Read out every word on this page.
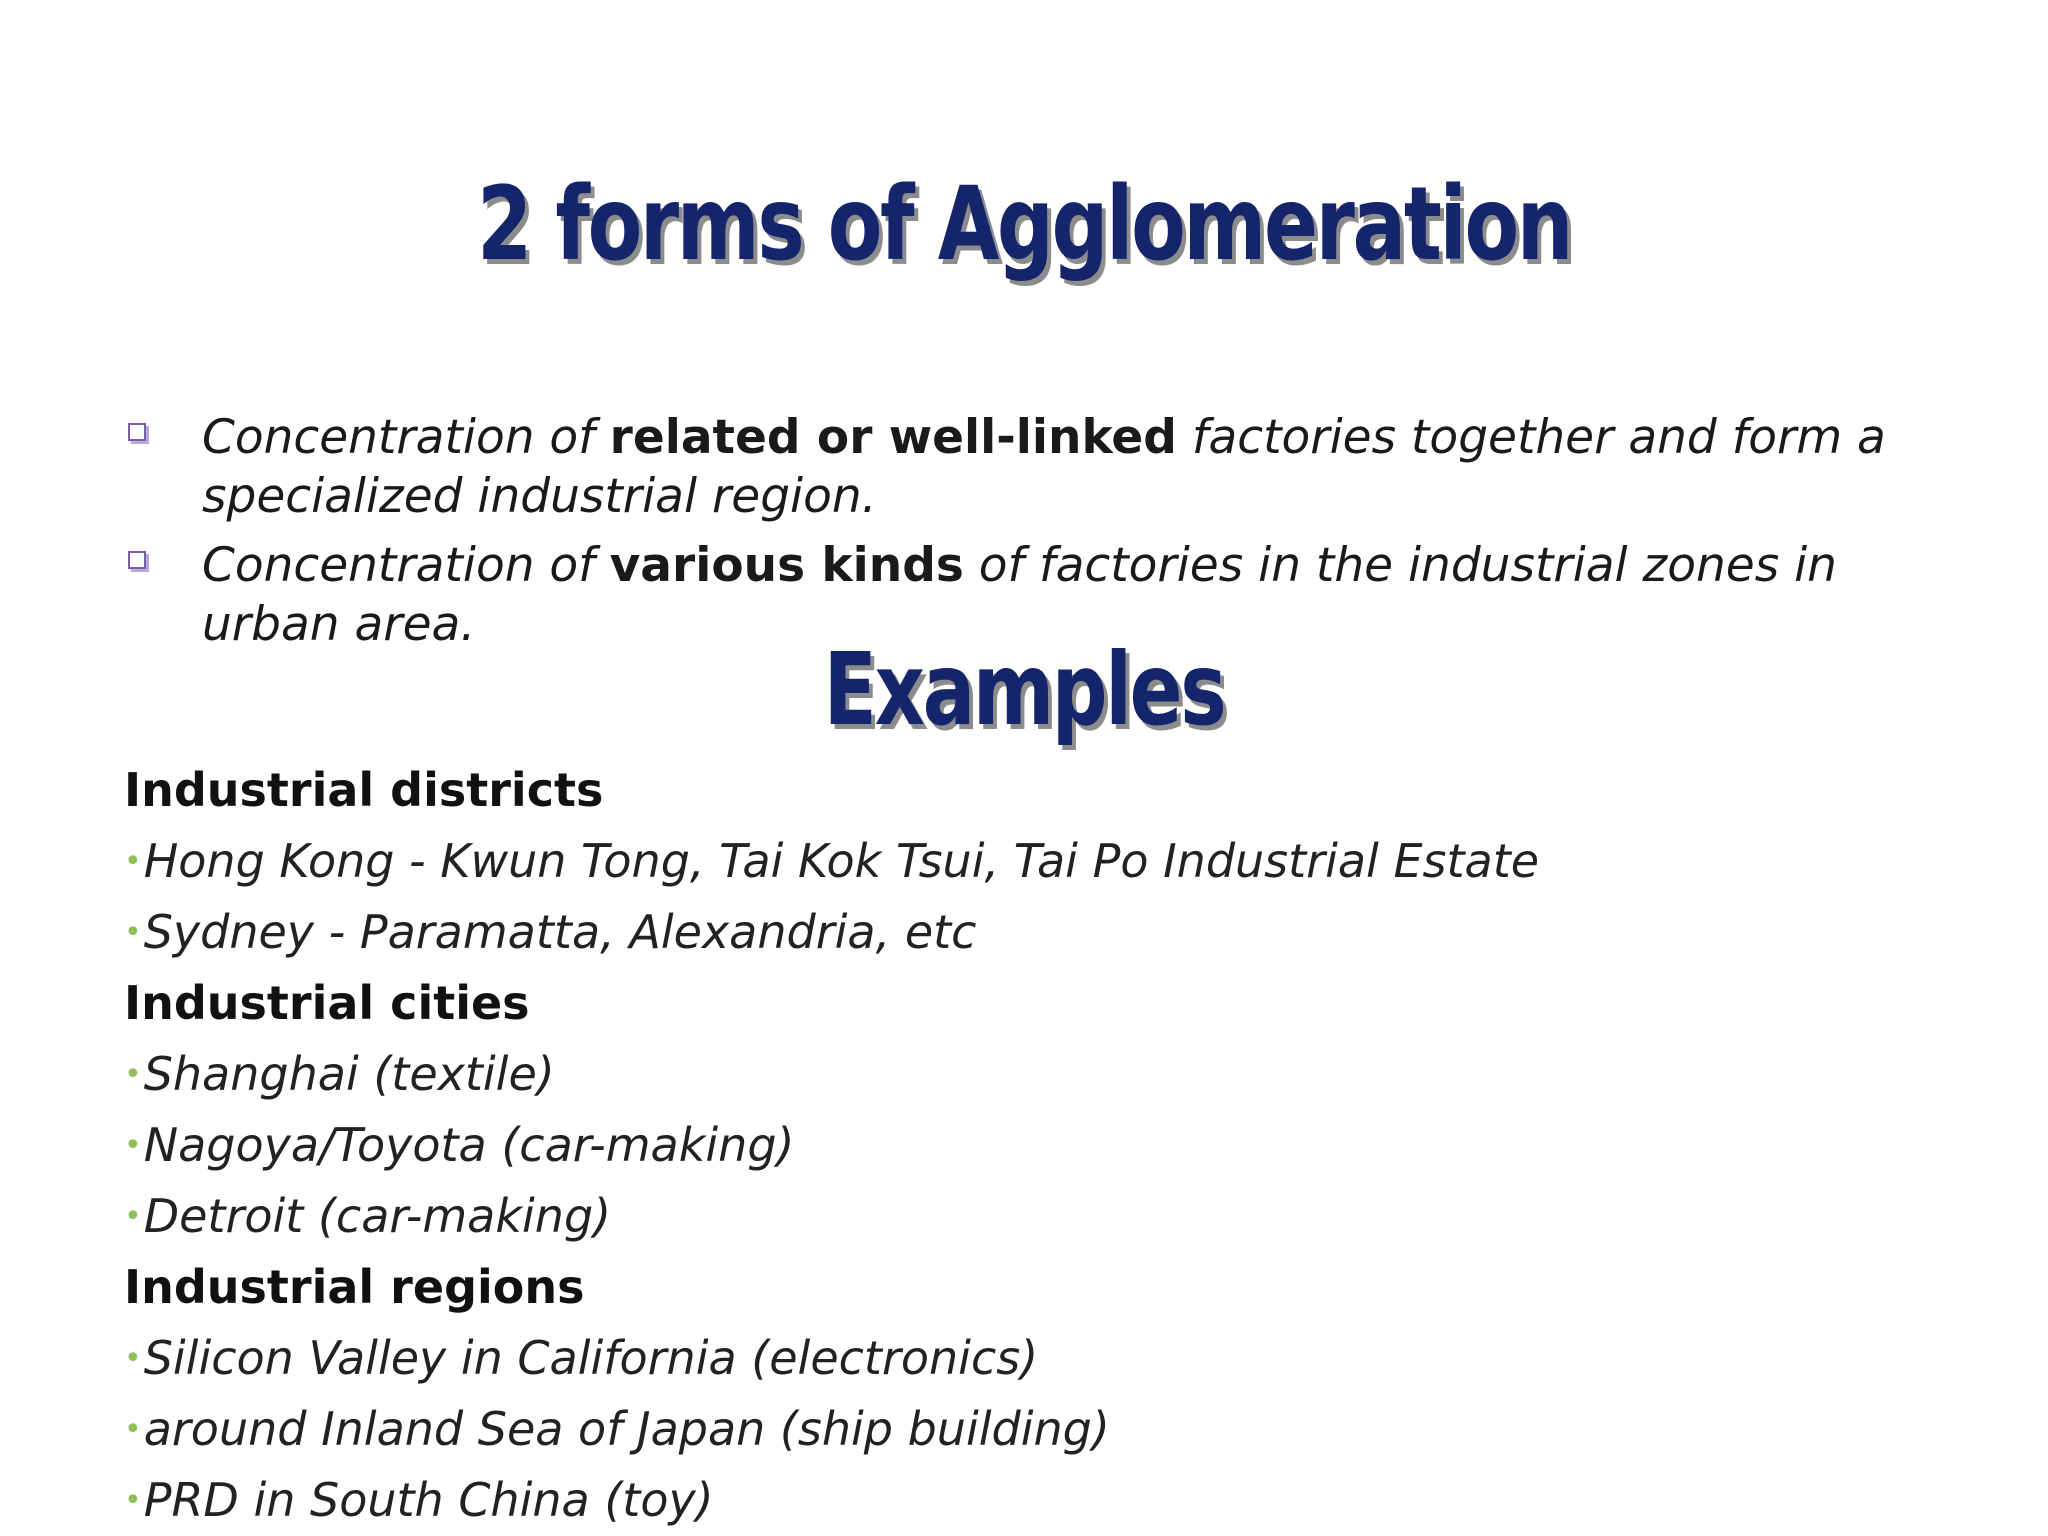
2 forms of Agglomeration
Concentration of related or well-linked factories together and form a specialized industrial region.
Concentration of various kinds of factories in the industrial zones in urban area.
Examples
Industrial districts
•Hong Kong - Kwun Tong, Tai Kok Tsui, Tai Po Industrial Estate
•Sydney - Paramatta, Alexandria, etc
Industrial cities
•Shanghai (textile)
•Nagoya/Toyota (car-making)
•Detroit (car-making)
Industrial regions
•Silicon Valley in California (electronics)
•around Inland Sea of Japan (ship building)
•PRD in South China (toy)
